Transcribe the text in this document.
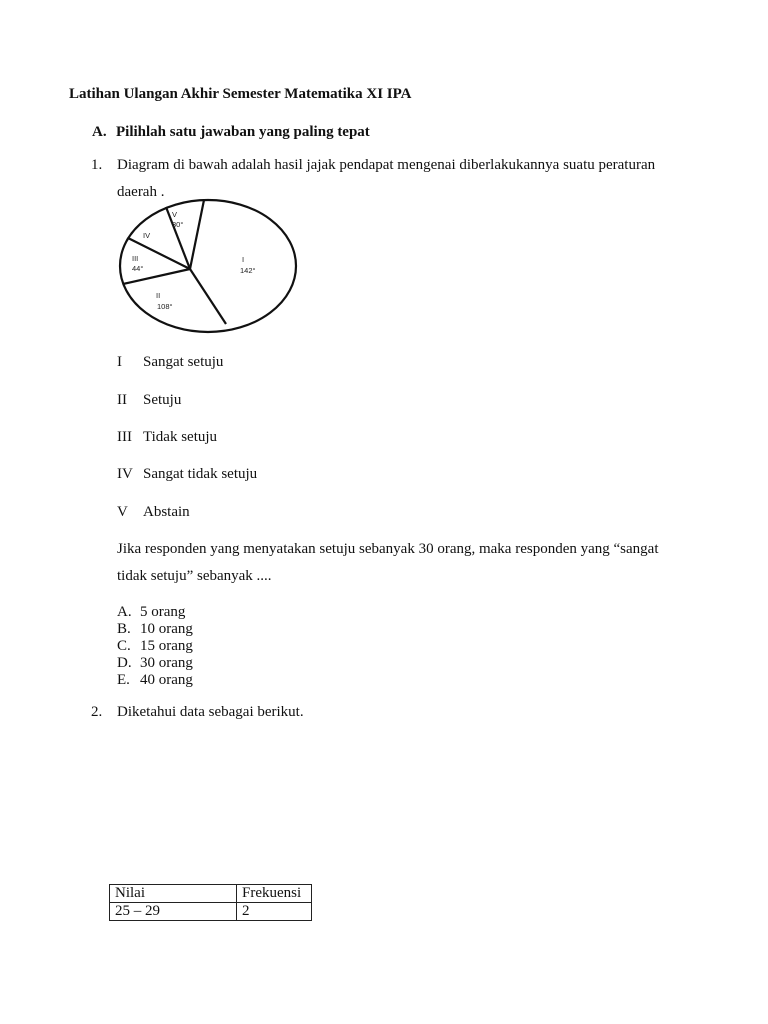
Latihan Ulangan Akhir Semester Matematika XI IPA
A. Pilihlah satu jawaban yang paling tepat
1. Diagram di bawah adalah hasil jajak pendapat mengenai diberlakukannya suatu peraturan
daerah .
V
30°
IV
III
44°
II
108°
I
142°
I Sangat setuju
II Setuju
III Tidak setuju
IV Sangat tidak setuju
V Abstain
Jika responden yang menyatakan setuju sebanyak 30 orang, maka responden yang “sangat
tidak setuju” sebanyak ....
A. 5 orang
B. 10 orang
C. 15 orang
D. 30 orang
E. 40 orang
2. Diketahui data sebagai berikut.
Nilai	Frekuensi
25 – 29	2
